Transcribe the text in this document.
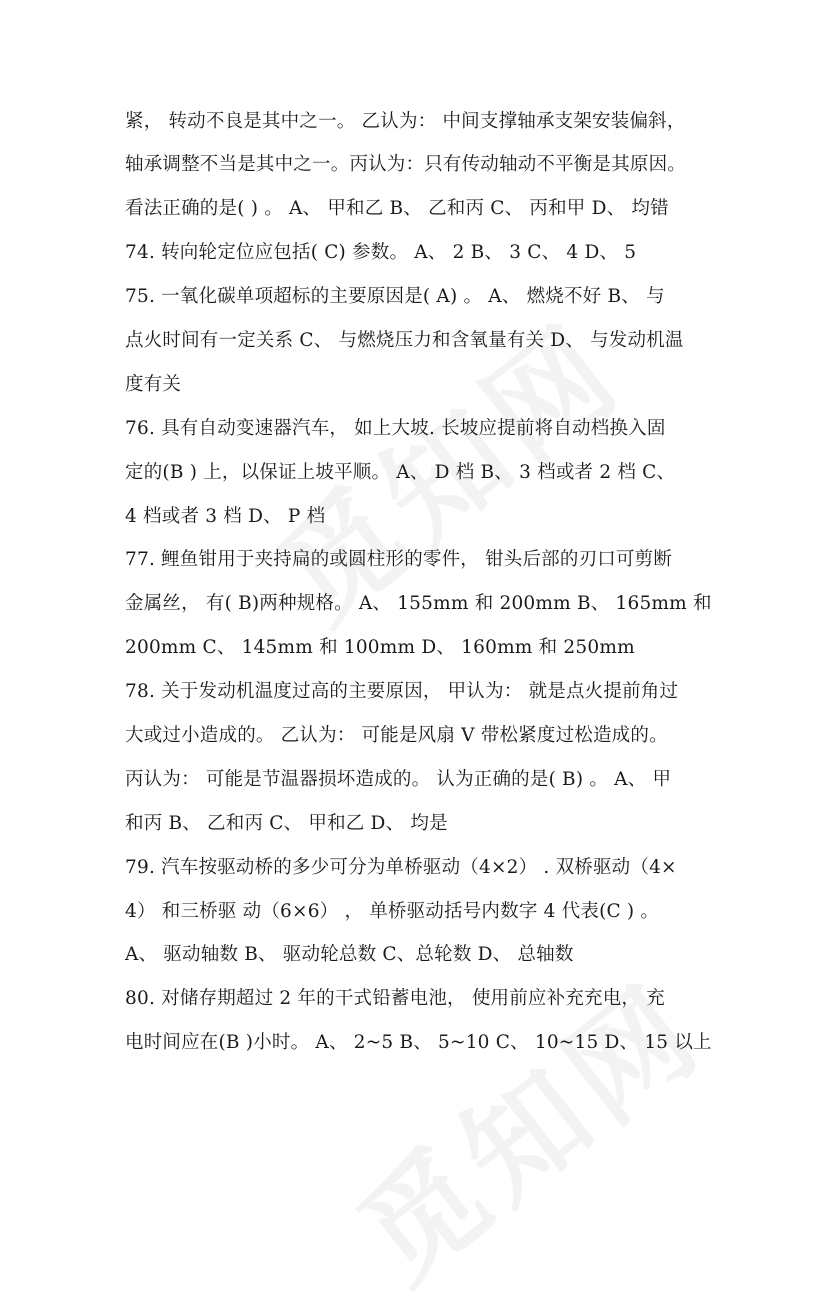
紧， 转动不良是其中之一。 乙认为： 中间支撑轴承支架安装偏斜，
轴承调整不当是其中之一。丙认为：只有传动轴动不平衡是其原因。
看法正确的是( ) 。 A、 甲和乙 B、 乙和丙 C、 丙和甲 D、 均错
74. 转向轮定位应包括( C) 参数。 A、 2 B、 3 C、 4 D、 5
75. 一氧化碳单项超标的主要原因是( A) 。 A、 燃烧不好 B、 与
点火时间有一定关系 C、 与燃烧压力和含氧量有关 D、 与发动机温
度有关
76. 具有自动变速器汽车， 如上大坡. 长坡应提前将自动档换入固
定的(B ) 上，以保证上坡平顺。 A、 D 档 B、 3 档或者 2 档 C、
4 档或者 3 档 D、 P 档
77. 鲤鱼钳用于夹持扁的或圆柱形的零件， 钳头后部的刃口可剪断
金属丝， 有( B)两种规格。 A、 155mm 和 200mm B、 165mm 和
200mm C、 145mm 和 100mm D、 160mm 和 250mm
78. 关于发动机温度过高的主要原因， 甲认为： 就是点火提前角过
大或过小造成的。 乙认为： 可能是风扇 V 带松紧度过松造成的。
丙认为： 可能是节温器损坏造成的。 认为正确的是( B) 。 A、 甲
和丙 B、 乙和丙 C、 甲和乙 D、 均是
79. 汽车按驱动桥的多少可分为单桥驱动（4×2） . 双桥驱动（4×
4） 和三桥驱 动（6×6） ， 单桥驱动括号内数字 4 代表(C ) 。
A、 驱动轴数 B、 驱动轮总数 C、总轮数 D、 总轴数
80. 对储存期超过 2 年的干式铅蓄电池， 使用前应补充充电， 充
电时间应在(B )小时。 A、 2~5 B、 5~10 C、 10~15 D、 15 以上
